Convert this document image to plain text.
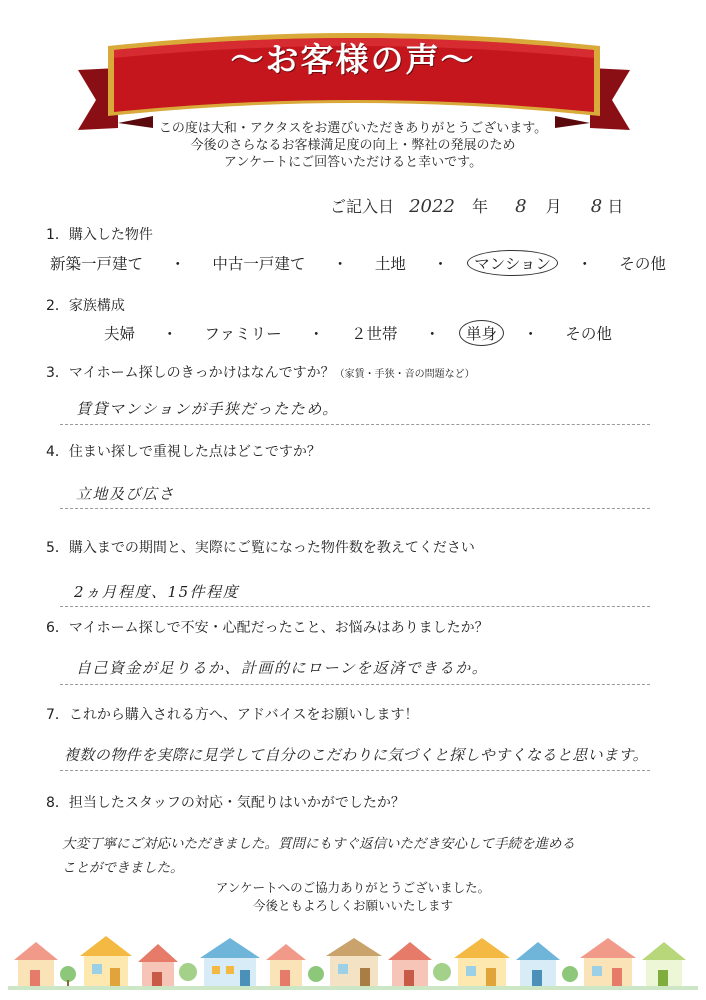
〜お客様の声〜
この度は大和・アクタスをお選びいただきありがとうございます。
今後のさらなるお客様満足度の向上・弊社の発展のため
アンケートにご回答いただけると幸いです。
ご記入日 2022 年 8 月 8 日
1．購入した物件
新築一戸建て ・ 中古一戸建て ・ 土地 ・ マンション ・ その他
2．家族構成
夫婦 ・ ファミリー ・ ２世帯 ・ 単身 ・ その他
3．マイホーム探しのきっかけはなんですか？（家賃・手狭・音の問題など）
賃貸マンションが手狭だったため。
4．住まい探しで重視した点はどこですか？
立地及び広さ
5．購入までの期間と、実際にご覧になった物件数を教えてください
2ヵ月程度、15件程度
6．マイホーム探しで不安・心配だったこと、お悩みはありましたか？
自己資金が足りるか、計画的にローンを返済できるか。
7．これから購入される方へ、アドバイスをお願いします！
複数の物件を実際に見学して自分のこだわりに気づくと探しやすくなると思います。
8．担当したスタッフの対応・気配りはいかがでしたか？
大変丁寧にご対応いただきました。質問にもすぐ返信いただき安心して手続を進める
ことができました。
アンケートへのご協力ありがとうございました。
今後ともよろしくお願いいたします
